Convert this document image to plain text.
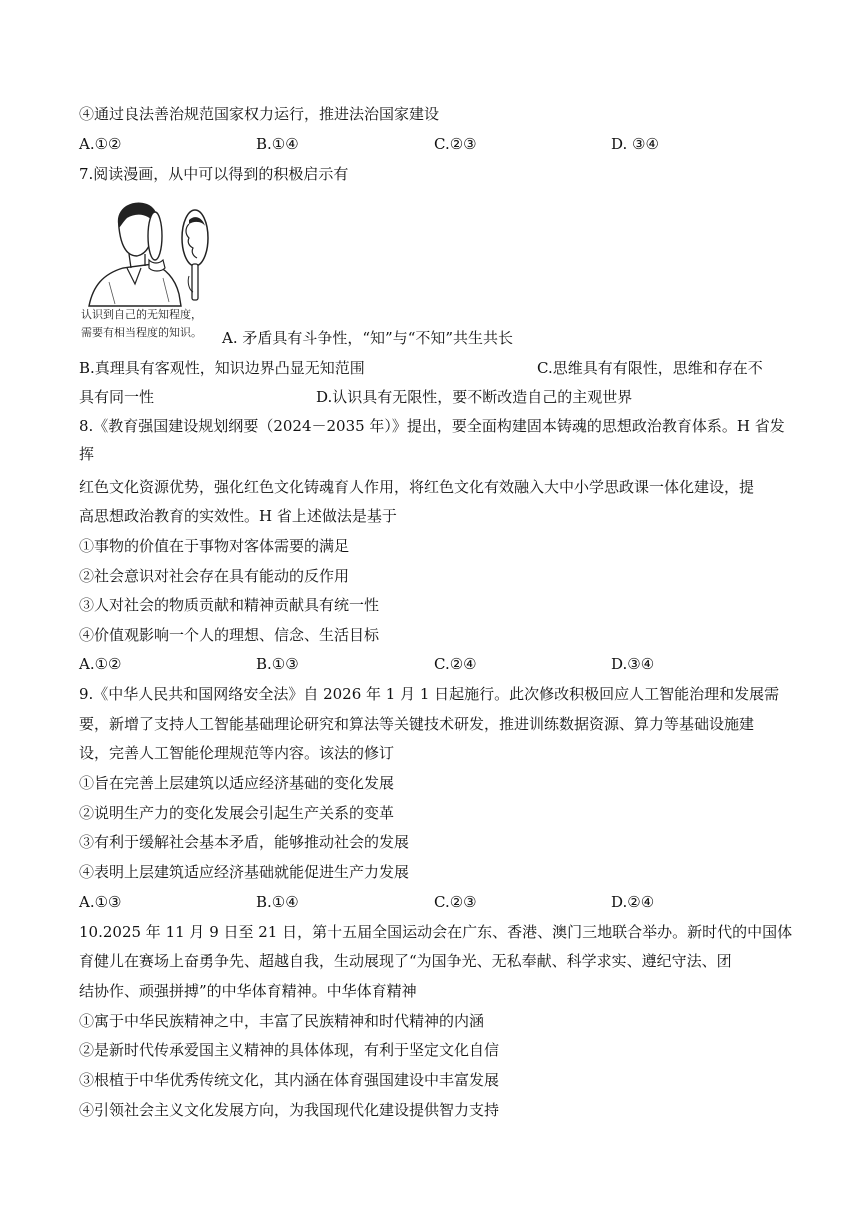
④通过良法善治规范国家权力运行，推进法治国家建设
A.①②	B.①④	C.②③	D. ③④
7.阅读漫画，从中可以得到的积极启示有
认识到自己的无知程度，
需要有相当程度的知识。 A. 矛盾具有斗争性，“知”与“不知”共生共长
B.真理具有客观性，知识边界凸显无知范围	C.思维具有有限性，思维和存在不
具有同一性	D.认识具有无限性，要不断改造自己的主观世界
8.《教育强国建设规划纲要（2024－2035 年）》提出，要全面构建固本铸魂的思想政治教育体系。H 省发
挥
红色文化资源优势，强化红色文化铸魂育人作用，将红色文化有效融入大中小学思政课一体化建设，提
高思想政治教育的实效性。H 省上述做法是基于
①事物的价值在于事物对客体需要的满足
②社会意识对社会存在具有能动的反作用
③人对社会的物质贡献和精神贡献具有统一性
④价值观影响一个人的理想、信念、生活目标
A.①②	B.①③	C.②④	D.③④
9.《中华人民共和国网络安全法》自 2026 年 1 月 1 日起施行。此次修改积极回应人工智能治理和发展需
要，新增了支持人工智能基础理论研究和算法等关键技术研发，推进训练数据资源、算力等基础设施建
设，完善人工智能伦理规范等内容。该法的修订
①旨在完善上层建筑以适应经济基础的变化发展
②说明生产力的变化发展会引起生产关系的变革
③有利于缓解社会基本矛盾，能够推动社会的发展
④表明上层建筑适应经济基础就能促进生产力发展
A.①③	B.①④	C.②③	D.②④
10.2025 年 11 月 9 日至 21 日，第十五届全国运动会在广东、香港、澳门三地联合举办。新时代的中国体
育健儿在赛场上奋勇争先、超越自我，生动展现了“为国争光、无私奉献、科学求实、遵纪守法、团
结协作、顽强拼搏”的中华体育精神。中华体育精神
①寓于中华民族精神之中，丰富了民族精神和时代精神的内涵
②是新时代传承爱国主义精神的具体体现，有利于坚定文化自信
③根植于中华优秀传统文化，其内涵在体育强国建设中丰富发展
④引领社会主义文化发展方向，为我国现代化建设提供智力支持
